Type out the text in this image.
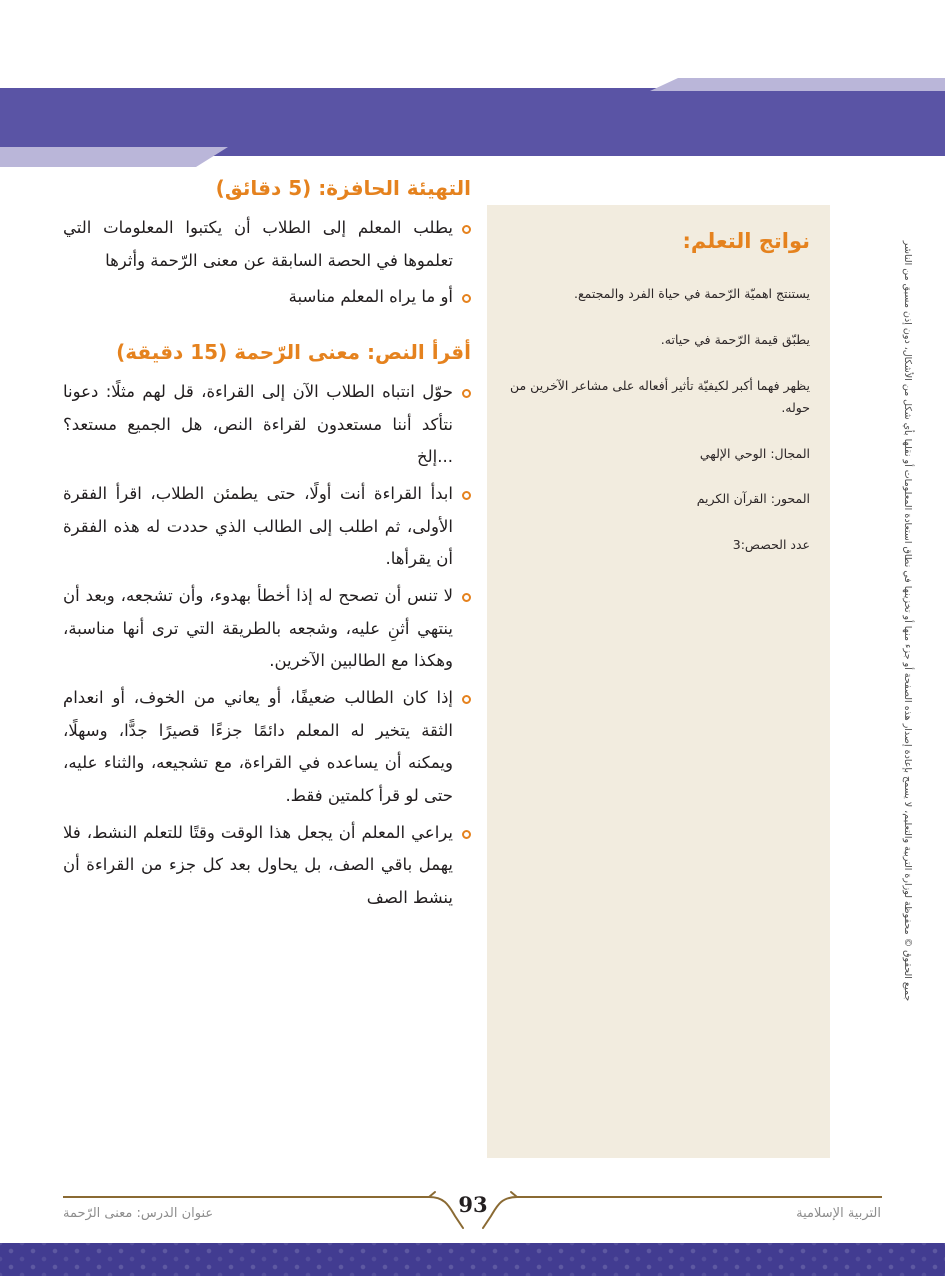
نواتج التعلم:

يستنتج اهميّة الرّحمة في حياة الفرد والمجتمع.

يطبّق قيمة الرّحمة في حياته.

يظهر فهما أكبر لكيفيّة تأثير أفعاله على مشاعر الآخرين من حوله.

المجال: الوحي الإلهي

المحور: القرآن الكريم

عدد الحصص:3

التهيئة الحافزة: (5 دقائق)

يطلب المعلم إلى الطلاب أن يكتبوا المعلومات التي تعلموها في الحصة السابقة عن معنى الرّحمة وأثرها

أو ما يراه المعلم مناسبة

أقرأ النص: معنى الرّحمة (15 دقيقة)

حوّل انتباه الطلاب الآن إلى القراءة، قل لهم مثلًا: دعونا نتأكد أننا مستعدون لقراءة النص، هل الجميع مستعد؟ ...إلخ

ابدأ القراءة أنت أولًا، حتى يطمئن الطلاب، اقرأ الفقرة الأولى، ثم اطلب إلى الطالب الذي حددت له هذه الفقرة أن يقرأها.

لا تنس أن تصحح له إذا أخطأ بهدوء، وأن تشجعه، وبعد أن ينتهي أثنِ عليه، وشجعه بالطريقة التي ترى أنها مناسبة، وهكذا مع الطالبين الآخرين.

إذا كان الطالب ضعيفًا، أو يعاني من الخوف، أو انعدام الثقة يتخير له المعلم دائمًا جزءًا قصيرًا جدًّا، وسهلًا، ويمكنه أن يساعده في القراءة، مع تشجيعه، والثناء عليه، حتى لو قرأ كلمتين فقط.

يراعي المعلم أن يجعل هذا الوقت وقتًا للتعلم النشط، فلا يهمل باقي الصف، بل يحاول بعد كل جزء من القراءة أن ينشط الصف

93
عنوان الدرس: معنى الرّحمة	التربية الإسلامية
جميع الحقوق © محفوظة لوزارة التربية والتعليم، لا يسمح بإعادة إصدار هذه الصفحة أو جزء منها أو تخزينها في نطاق استعادة المعلومات أو نقلها بأي شكل من الأشكال، دون إذن مسبق من الناشر
